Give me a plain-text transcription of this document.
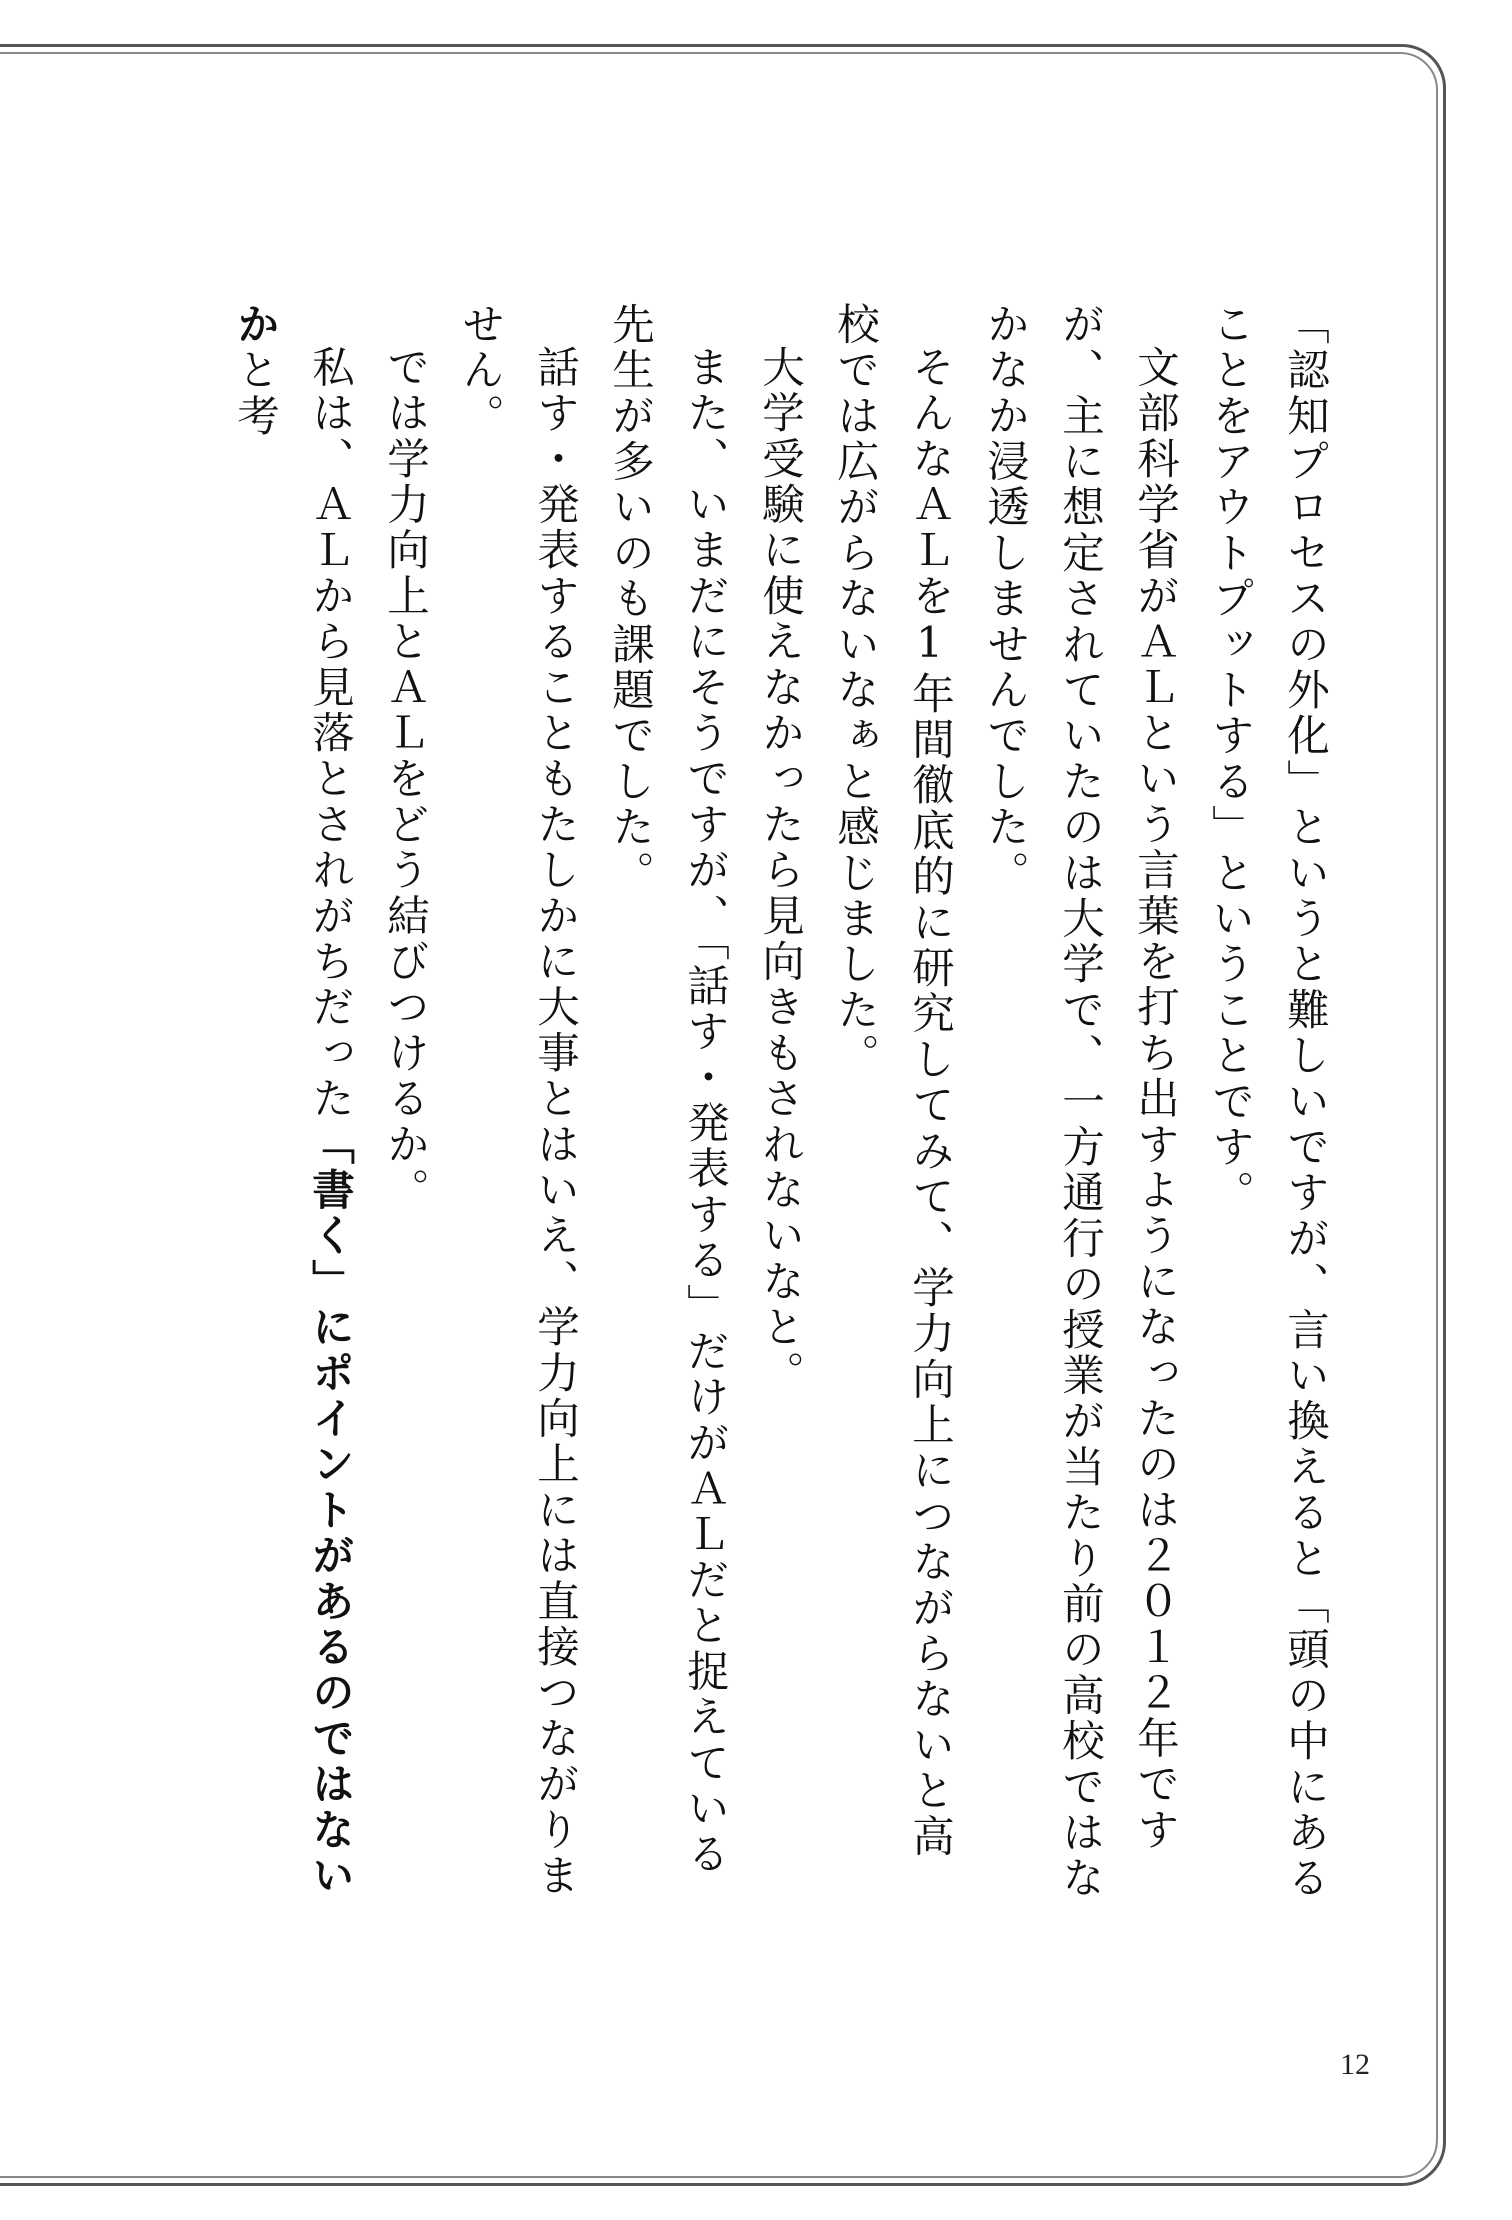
「認知プロセスの外化」というと難しいですが、言い換えると「頭の中にあることをアウトプットする」ということです。

文部科学省がＡＬという言葉を打ち出すようになったのは２０１２年ですが、主に想定されていたのは大学で、一方通行の授業が当たり前の高校ではなかなか浸透しませんでした。

そんなＡＬを1年間徹底的に研究してみて、学力向上につながらないと高校では広がらないなぁと感じました。

大学受験に使えなかったら見向きもされないなと。

また、いまだにそうですが、「話す・発表する」だけがＡＬだと捉えている先生が多いのも課題でした。

話す・発表することもたしかに大事とはいえ、学力向上には直接つながりません。

では学力向上とＡＬをどう結びつけるか。

私は、ＡＬから見落とされがちだった「書く」にポイントがあるのではないかと考

12
